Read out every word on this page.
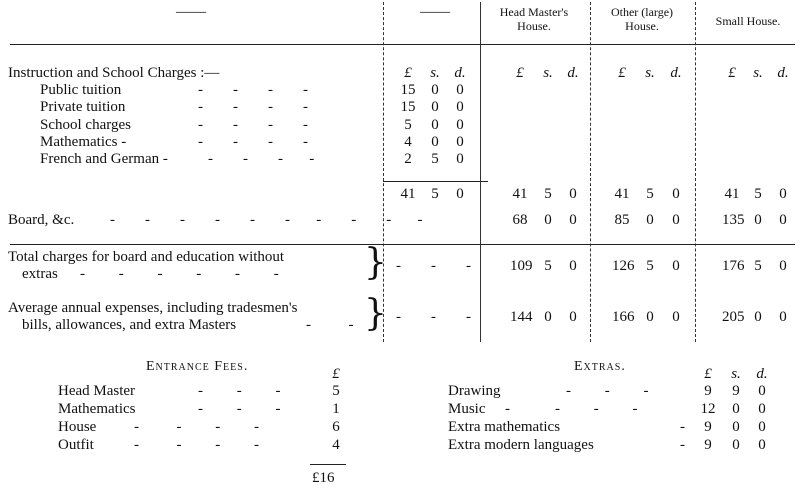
——	——	Head Master's House.
Other (large) House.	Small House.
Instruction and School Charges :—	£	s. d.	£	s. d.	£	s.	d.	£	s. d.
Public tuition	-        -        -        -	15	0	0
Private tuition	-        -        -        -	15	0	0
School charges	-        -        -        -	5	0	0
Mathematics -	-        -        -        -	4	0	0
French and German -	-        -        -       -	2	5	0
41	5	0	41	5	0	41	5	0	41 5	0
Board, &c. -        -        -        -        -        -       -        -        -       -	68	0	0	85	0	0	135 0	0
Total charges for board and education without
extras -         -         -         -         -         - } -        -        -	109 5	0	126 5	0	176 5	0
Average annual expenses, including tradesmen's
bills, allowances, and extra Masters	-          - } -        -        -	144 0	0	166 0	0	205 0	0
Entrance Fees.	£
Head Master	-         -         -	5
Mathematics	-         -         -	1
House	-          -         -         -	6
Outfit	-          -         -         -	4
£16
Extras.	£	s.	d.
Drawing	-         -         -	9	9	0
Music -            -         -         -	12	0	0
Extra mathematics	-	9	0	0
Extra modern languages	-	9	0	0
